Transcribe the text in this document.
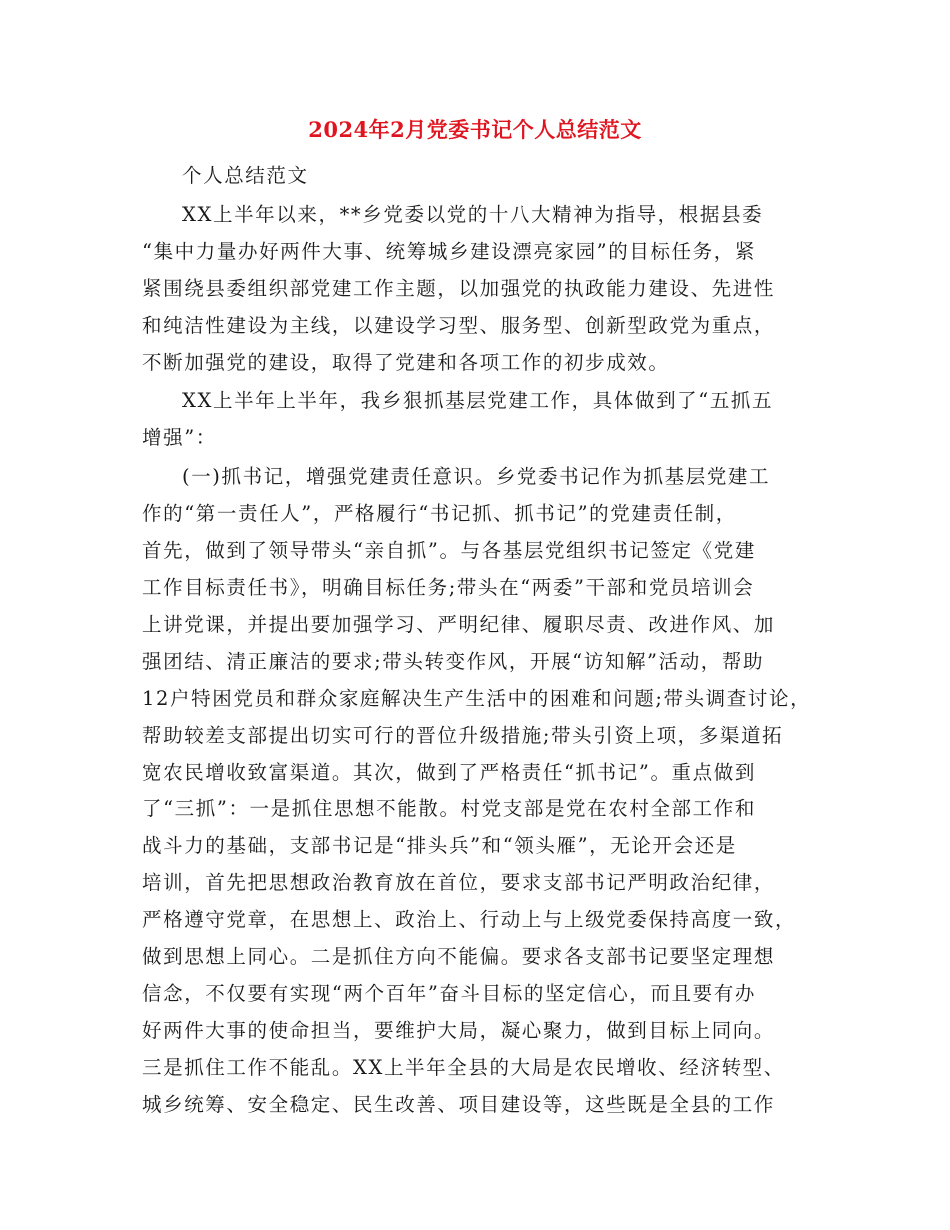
2024年2月党委书记个人总结范文

个人总结范文

XX上半年以来，**乡党委以党的十八大精神为指导，根据县委
“集中力量办好两件大事、统筹城乡建设漂亮家园”的目标任务，紧
紧围绕县委组织部党建工作主题，以加强党的执政能力建设、先进性
和纯洁性建设为主线，以建设学习型、服务型、创新型政党为重点，
不断加强党的建设，取得了党建和各项工作的初步成效。

XX上半年上半年，我乡狠抓基层党建工作，具体做到了“五抓五
增强”：

(一)抓书记，增强党建责任意识。乡党委书记作为抓基层党建工
作的“第一责任人”，严格履行“书记抓、抓书记”的党建责任制，
首先，做到了领导带头“亲自抓”。与各基层党组织书记签定《党建
工作目标责任书》，明确目标任务;带头在“两委”干部和党员培训会
上讲党课，并提出要加强学习、严明纪律、履职尽责、改进作风、加
强团结、清正廉洁的要求;带头转变作风，开展“访知解”活动，帮助
12户特困党员和群众家庭解决生产生活中的困难和问题;带头调查讨论，
帮助较差支部提出切实可行的晋位升级措施;带头引资上项，多渠道拓
宽农民增收致富渠道。其次，做到了严格责任“抓书记”。重点做到
了“三抓”：一是抓住思想不能散。村党支部是党在农村全部工作和
战斗力的基础，支部书记是“排头兵”和“领头雁”，无论开会还是
培训，首先把思想政治教育放在首位，要求支部书记严明政治纪律，
严格遵守党章，在思想上、政治上、行动上与上级党委保持高度一致，
做到思想上同心。二是抓住方向不能偏。要求各支部书记要坚定理想
信念，不仅要有实现“两个百年”奋斗目标的坚定信心，而且要有办
好两件大事的使命担当，要维护大局，凝心聚力，做到目标上同向。
三是抓住工作不能乱。XX上半年全县的大局是农民增收、经济转型、
城乡统筹、安全稳定、民生改善、项目建设等，这些既是全县的工作
